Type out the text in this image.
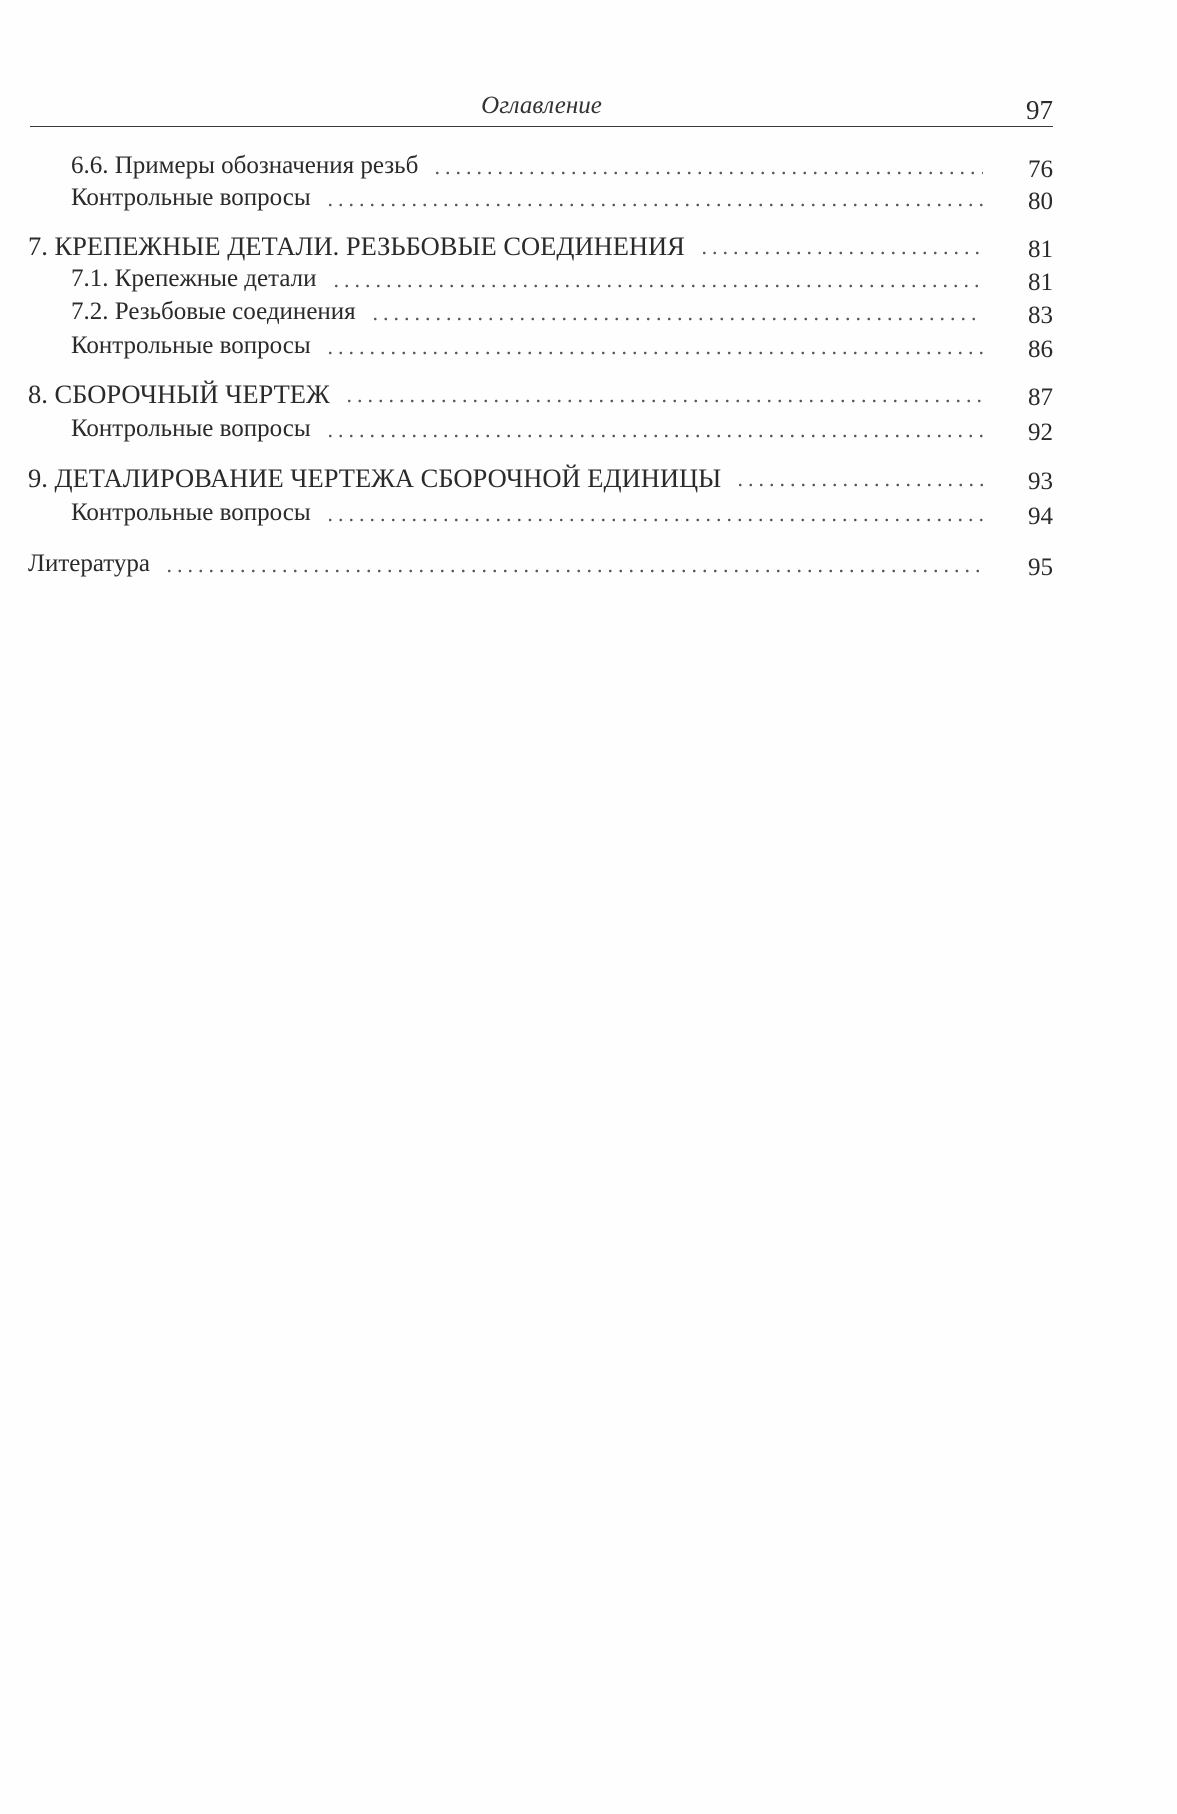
Оглавление	97
6.6. Примеры обозначения резьб	76
Контрольные вопросы	80
7. КРЕПЕЖНЫЕ ДЕТАЛИ. РЕЗЬБОВЫЕ СОЕДИНЕНИЯ	81
7.1. Крепежные детали	81
7.2. Резьбовые соединения	83
Контрольные вопросы	86
8. СБОРОЧНЫЙ ЧЕРТЕЖ	87
Контрольные вопросы	92
9. ДЕТАЛИРОВАНИЕ ЧЕРТЕЖА СБОРОЧНОЙ ЕДИНИЦЫ	93
Контрольные вопросы	94
Литература	95
